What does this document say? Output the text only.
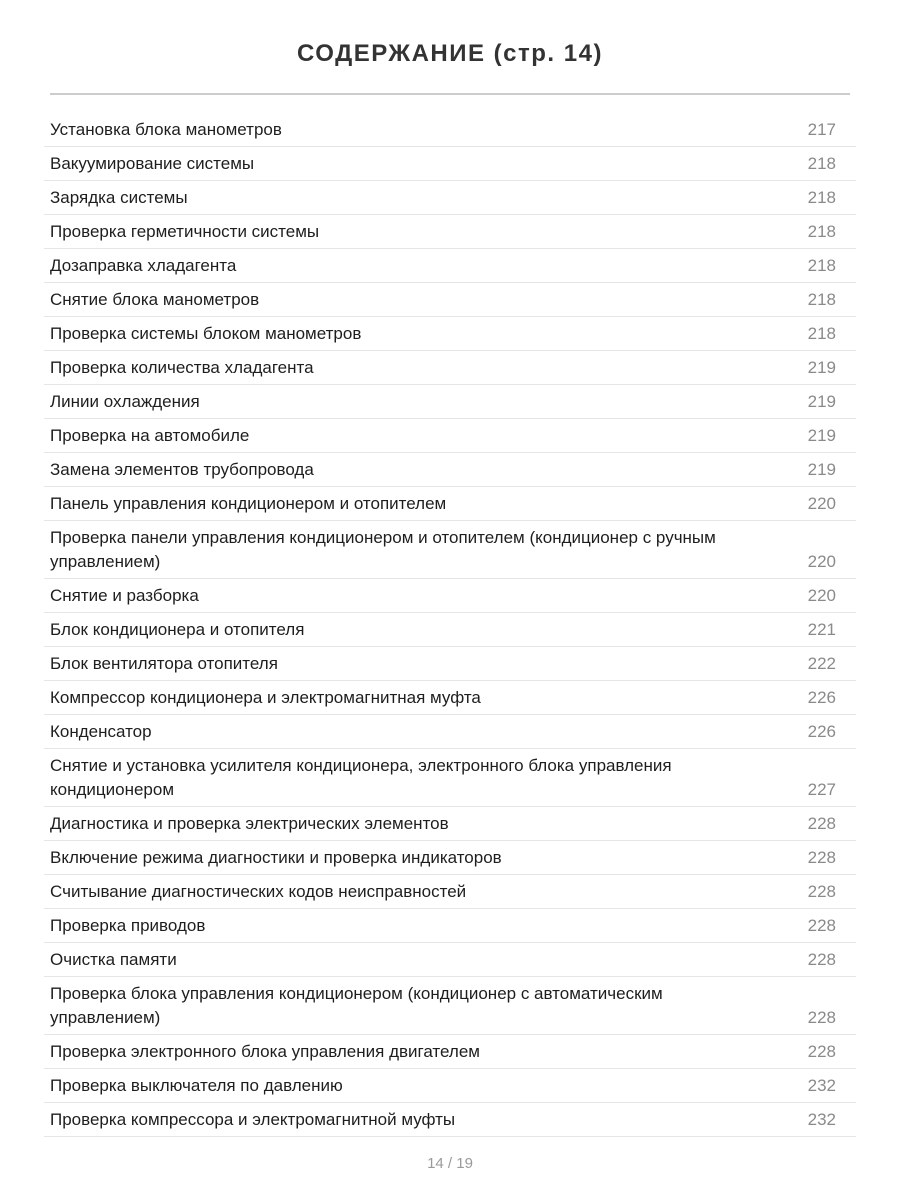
СОДЕРЖАНИЕ (стр. 14)
Установка блока манометров	217
Вакуумирование системы	218
Зарядка системы	218
Проверка герметичности системы	218
Дозаправка хладагента	218
Снятие блока манометров	218
Проверка системы блоком манометров	218
Проверка количества хладагента	219
Линии охлаждения	219
Проверка на автомобиле	219
Замена элементов трубопровода	219
Панель управления кондиционером и отопителем	220
Проверка панели управления кондиционером и отопителем (кондиционер с ручным управлением)	220
Снятие и разборка	220
Блок кондиционера и отопителя	221
Блок вентилятора отопителя	222
Компрессор кондиционера и электромагнитная муфта	226
Конденсатор	226
Снятие и установка усилителя кондиционера, электронного блока управления кондиционером	227
Диагностика и проверка электрических элементов	228
Включение режима диагностики и проверка индикаторов	228
Считывание диагностических кодов неисправностей	228
Проверка приводов	228
Очистка памяти	228
Проверка блока управления кондиционером (кондиционер с автоматическим управлением)	228
Проверка электронного блока управления двигателем	228
Проверка выключателя по давлению	232
Проверка компрессора и электромагнитной муфты	232
14 / 19
